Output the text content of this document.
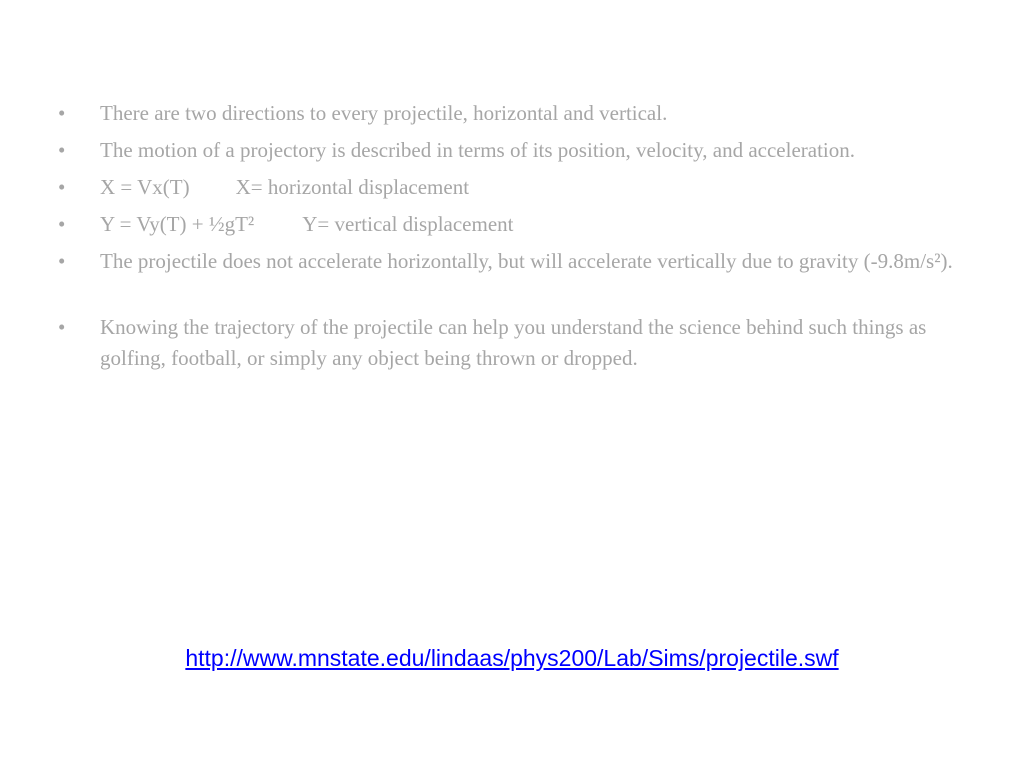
•	There are two directions to every projectile, horizontal and vertical.
•	The motion of a projectory is described in terms of its position, velocity, and acceleration.
•	X = Vx(T) X= horizontal displacement
•	Y = Vy(T) + ½gT² Y= vertical displacement
•	The projectile does not accelerate horizontally, but will accelerate vertically due to gravity (-9.8m/s²).
•	Knowing the trajectory of the projectile can help you understand the science behind such things as golfing, football, or simply any object being thrown or dropped.
http://www.mnstate.edu/lindaas/phys200/Lab/Sims/projectile.swf
